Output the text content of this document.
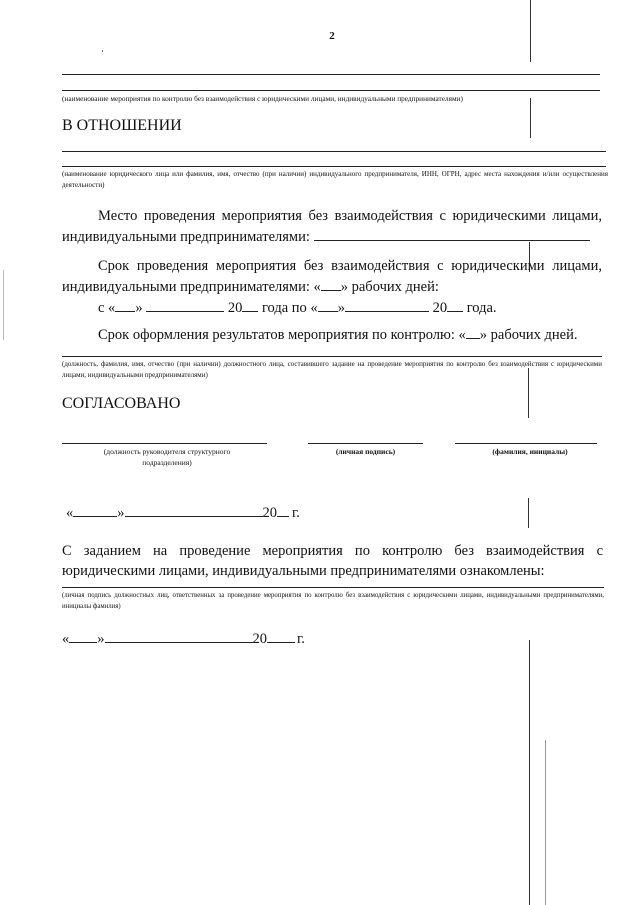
2
(наименование мероприятия по контролю без взаимодействия с юридическими лицами, индивидуальными предпринимателями)
В ОТНОШЕНИИ
(наименование юридического лица или фамилия, имя, отчество (при наличии) индивидуального предпринимателя, ИНН, ОГРН, адрес места нахождения и/или осуществления деятельности)
Место проведения мероприятия без взаимодействия с юридическими лицами,
индивидуальными предпринимателями:
Срок проведения мероприятия без взаимодействия с юридическими лицами,
индивидуальными предпринимателями: « » рабочих дней:
с « »	20 года по « »	20 года.
Срок оформления результатов мероприятия по контролю: « » рабочих дней.
(должность, фамилия, имя, отчество (при наличии) должностного лица, составившего задание на проведение мероприятия по контролю без взаимодействия с юридическими лицами, индивидуальными предпринимателями)
СОГЛАСОВАНО
(должность руководителя структурного подразделения)
(личная подпись)	(фамилия, инициалы)
«	»	20 г.
С заданием на проведение мероприятия по контролю без взаимодействия с
юридическими лицами, индивидуальными предпринимателями ознакомлены:
(личная подпись должностных лиц, ответственных за проведение мероприятия по контролю без взаимодействия с юридическими лицами, индивидуальными предпринимателями, инициалы фамилия)
« »	20 г.
